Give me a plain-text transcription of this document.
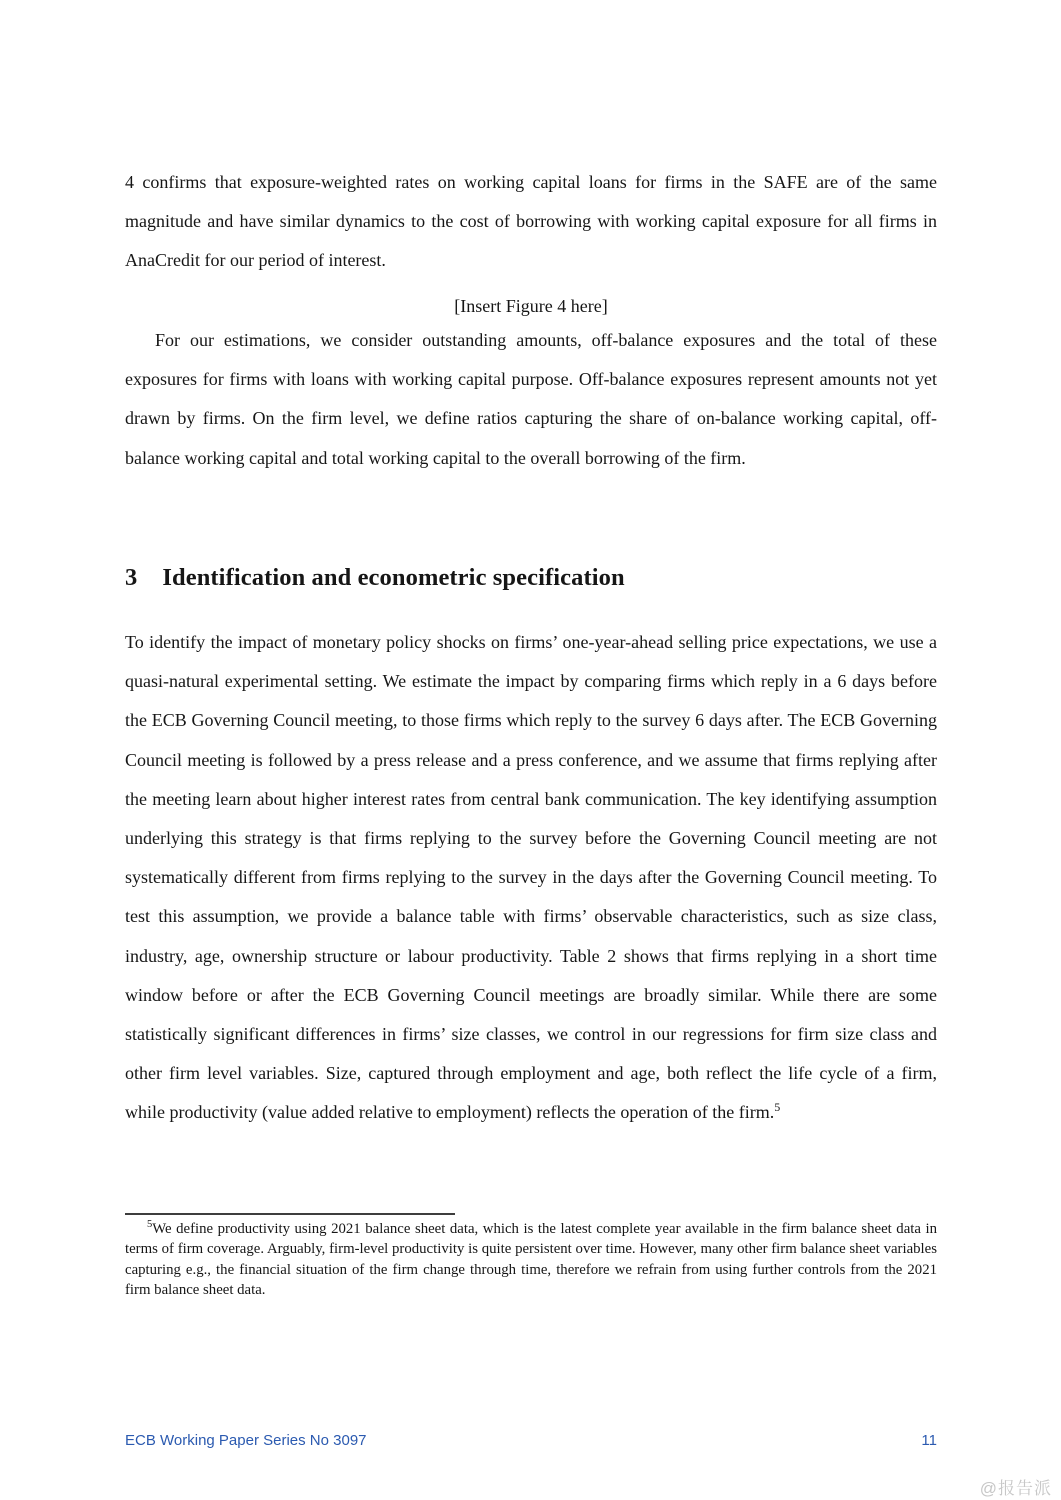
4 confirms that exposure-weighted rates on working capital loans for firms in the SAFE are of the same magnitude and have similar dynamics to the cost of borrowing with working capital exposure for all firms in AnaCredit for our period of interest.

[Insert Figure 4 here]

For our estimations, we consider outstanding amounts, off-balance exposures and the total of these exposures for firms with loans with working capital purpose. Off-balance exposures represent amounts not yet drawn by firms. On the firm level, we define ratios capturing the share of on-balance working capital, off-balance working capital and total working capital to the overall borrowing of the firm.

3 Identification and econometric specification

To identify the impact of monetary policy shocks on firms’ one-year-ahead selling price expectations, we use a quasi-natural experimental setting. We estimate the impact by comparing firms which reply in a 6 days before the ECB Governing Council meeting, to those firms which reply to the survey 6 days after. The ECB Governing Council meeting is followed by a press release and a press conference, and we assume that firms replying after the meeting learn about higher interest rates from central bank communication. The key identifying assumption underlying this strategy is that firms replying to the survey before the Governing Council meeting are not systematically different from firms replying to the survey in the days after the Governing Council meeting. To test this assumption, we provide a balance table with firms’ observable characteristics, such as size class, industry, age, ownership structure or labour productivity. Table 2 shows that firms replying in a short time window before or after the ECB Governing Council meetings are broadly similar. While there are some statistically significant differences in firms’ size classes, we control in our regressions for firm size class and other firm level variables. Size, captured through employment and age, both reflect the life cycle of a firm, while productivity (value added relative to employment) reflects the operation of the firm.$^5$

$^5$We define productivity using 2021 balance sheet data, which is the latest complete year available in the firm balance sheet data in terms of firm coverage. Arguably, firm-level productivity is quite persistent over time. However, many other firm balance sheet variables capturing e.g., the financial situation of the firm change through time, therefore we refrain from using further controls from the 2021 firm balance sheet data.

ECB Working Paper Series No 3097	11
@报告派
